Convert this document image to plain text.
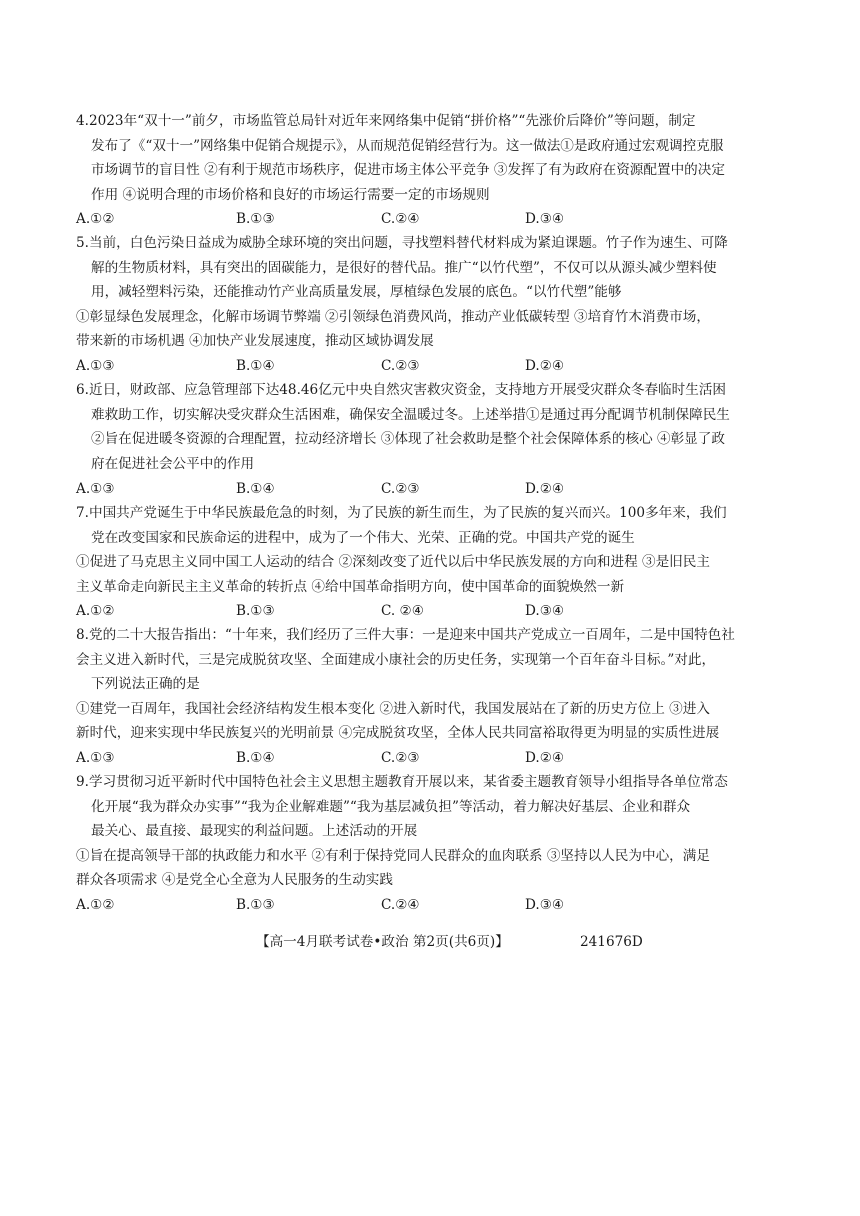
4.2023年“双十一”前夕，市场监管总局针对近年来网络集中促销“拼价格”“先涨价后降价”等问题，制定
发布了《“双十一”网络集中促销合规提示》，从而规范促销经营行为。这一做法①是政府通过宏观调控克服
市场调节的盲目性 ②有利于规范市场秩序，促进市场主体公平竞争 ③发挥了有为政府在资源配置中的决定
作用 ④说明合理的市场价格和良好的市场运行需要一定的市场规则
A.①②	B.①③	C.②④	D.③④
5.当前，白色污染日益成为威胁全球环境的突出问题，寻找塑料替代材料成为紧迫课题。竹子作为速生、可降
解的生物质材料，具有突出的固碳能力，是很好的替代品。推广“以竹代塑”，不仅可以从源头减少塑料使
用，减轻塑料污染，还能推动竹产业高质量发展，厚植绿色发展的底色。“以竹代塑”能够
①彰显绿色发展理念，化解市场调节弊端 ②引领绿色消费风尚，推动产业低碳转型 ③培育竹木消费市场，
带来新的市场机遇 ④加快产业发展速度，推动区域协调发展
A.①③	B.①④	C.②③	D.②④
6.近日，财政部、应急管理部下达48.46亿元中央自然灾害救灾资金，支持地方开展受灾群众冬春临时生活困
难救助工作，切实解决受灾群众生活困难，确保安全温暖过冬。上述举措①是通过再分配调节机制保障民生
②旨在促进暖冬资源的合理配置，拉动经济增长 ③体现了社会救助是整个社会保障体系的核心 ④彰显了政
府在促进社会公平中的作用
A.①③	B.①④	C.②③	D.②④
7.中国共产党诞生于中华民族最危急的时刻，为了民族的新生而生，为了民族的复兴而兴。100多年来，我们
党在改变国家和民族命运的进程中，成为了一个伟大、光荣、正确的党。中国共产党的诞生
①促进了马克思主义同中国工人运动的结合 ②深刻改变了近代以后中华民族发展的方向和进程 ③是旧民主
主义革命走向新民主主义革命的转折点 ④给中国革命指明方向，使中国革命的面貌焕然一新
A.①②	B.①③	C. ②④	D.③④
8.党的二十大报告指出：“十年来，我们经历了三件大事：一是迎来中国共产党成立一百周年，二是中国特色社
会主义进入新时代，三是完成脱贫攻坚、全面建成小康社会的历史任务，实现第一个百年奋斗目标。”对此，
下列说法正确的是
①建党一百周年，我国社会经济结构发生根本变化 ②进入新时代，我国发展站在了新的历史方位上 ③进入
新时代，迎来实现中华民族复兴的光明前景 ④完成脱贫攻坚，全体人民共同富裕取得更为明显的实质性进展
A.①③	B.①④	C.②③	D.②④
9.学习贯彻习近平新时代中国特色社会主义思想主题教育开展以来，某省委主题教育领导小组指导各单位常态
化开展“我为群众办实事”“我为企业解难题”“我为基层减负担”等活动，着力解决好基层、企业和群众
最关心、最直接、最现实的利益问题。上述活动的开展
①旨在提高领导干部的执政能力和水平 ②有利于保持党同人民群众的血肉联系 ③坚持以人民为中心，满足
群众各项需求 ④是党全心全意为人民服务的生动实践
A.①②	B.①③	C.②④	D.③④
【高一4月联考试卷•政治 第2页(共6页)】	241676D
